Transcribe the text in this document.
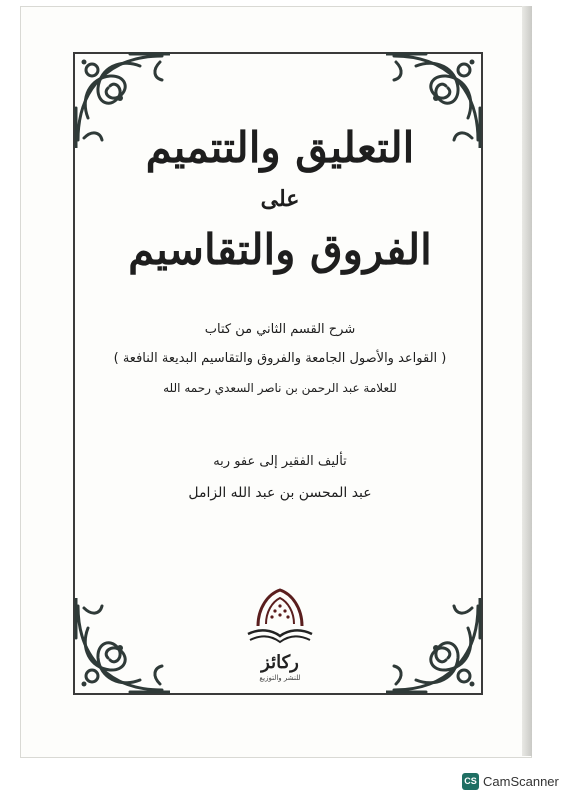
التعليق والتتميم
على
الفروق والتقاسيم
شرح القسم الثاني من كتاب
( القواعد والأصول الجامعة والفروق والتقاسيم البديعة النافعة )
للعلامة عبد الرحمن بن ناصر السعدي رحمه الله
تأليف الفقير إلى عفو ربه
عبد المحسن بن عبد الله الزامل
ركائز
للنشر والتوزيع
CS CamScanner
